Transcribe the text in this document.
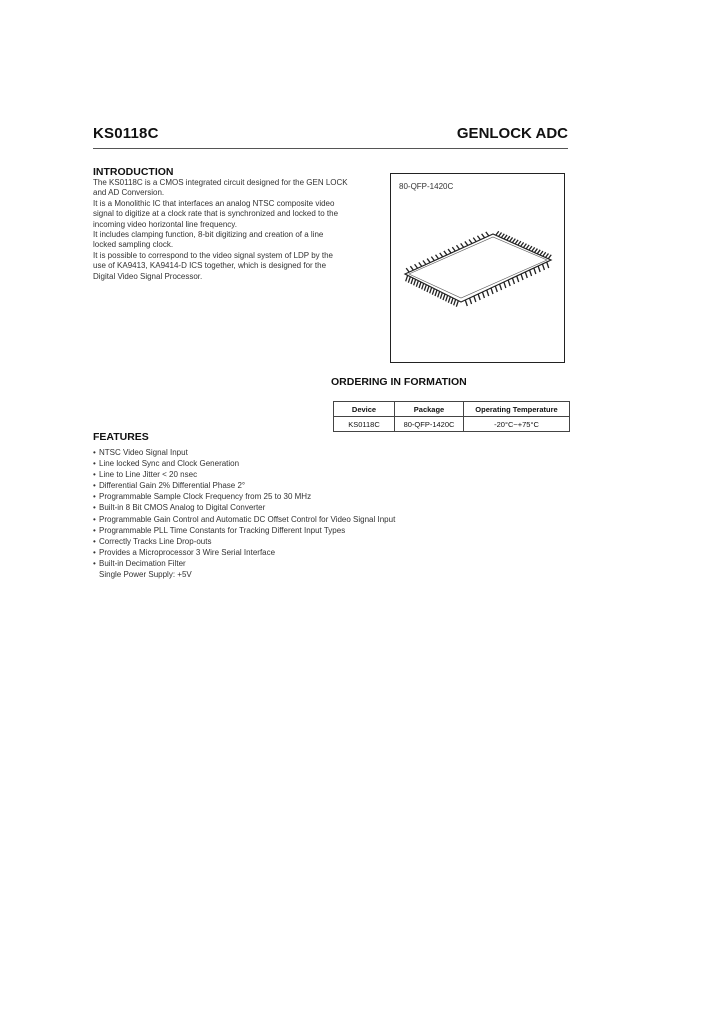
KS0118C	GENLOCK ADC
INTRODUCTION

The KS0118C is a CMOS integrated circuit designed for the GEN LOCK and AD Conversion.

It is a Monolithic IC that interfaces an analog NTSC composite video signal to digitize at a clock rate that is synchronized and locked to the incoming video horizontal line frequency.

It includes clamping function, 8-bit digitizing and creation of a line locked sampling clock.

It is possible to correspond to the video signal system of LDP by the use of KA9413, KA9414-D ICS together, which is designed for the Digital Video Signal Processor.

80-QFP-1420C
ORDERING IN FORMATION
Device	Package	Operating Temperature
KS0118C	80-QFP-1420C	-20°C~+75°C
FEATURES
• NTSC Video Signal Input
• Line locked Sync and Clock Generation
• Line to Line Jitter < 20 nsec
• Differential Gain 2% Differential Phase 2°
• Programmable Sample Clock Frequency from 25 to 30 MHz
• Built-in 8 Bit CMOS Analog to Digital Converter
• Programmable Gain Control and Automatic DC Offset Control for Video Signal Input
• Programmable PLL Time Constants for Tracking Different Input Types
• Correctly Tracks Line Drop-outs
• Provides a Microprocessor 3 Wire Serial Interface
• Built-in Decimation Filter
Single Power Supply: +5V
